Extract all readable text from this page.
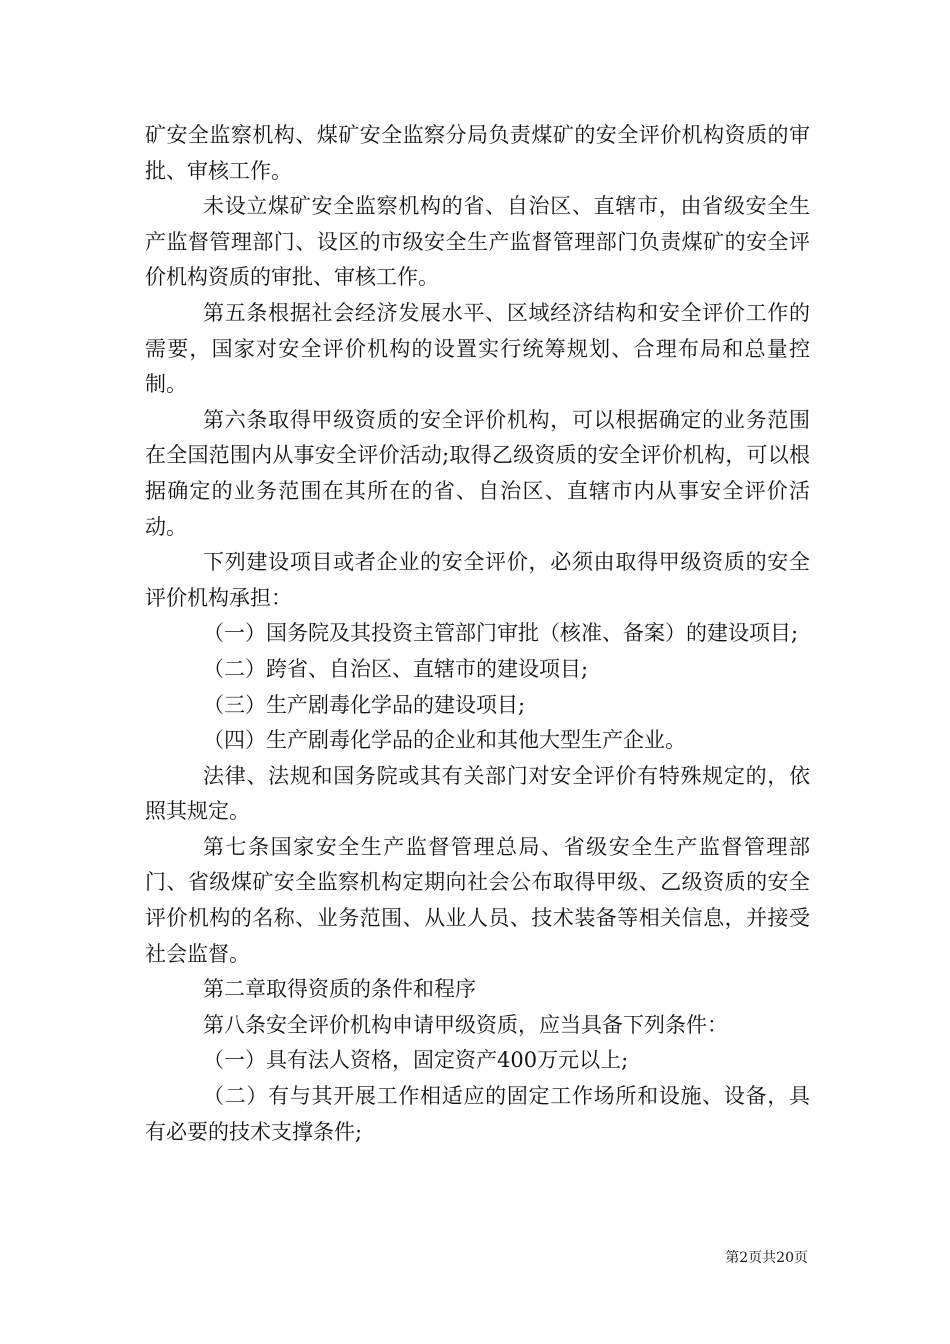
矿安全监察机构、煤矿安全监察分局负责煤矿的安全评价机构资质的审批、审核工作。

未设立煤矿安全监察机构的省、自治区、直辖市，由省级安全生产监督管理部门、设区的市级安全生产监督管理部门负责煤矿的安全评价机构资质的审批、审核工作。

第五条根据社会经济发展水平、区域经济结构和安全评价工作的需要，国家对安全评价机构的设置实行统筹规划、合理布局和总量控制。

第六条取得甲级资质的安全评价机构，可以根据确定的业务范围在全国范围内从事安全评价活动;取得乙级资质的安全评价机构，可以根据确定的业务范围在其所在的省、自治区、直辖市内从事安全评价活动。

下列建设项目或者企业的安全评价，必须由取得甲级资质的安全评价机构承担：

（一）国务院及其投资主管部门审批（核准、备案）的建设项目;

（二）跨省、自治区、直辖市的建设项目;

（三）生产剧毒化学品的建设项目;

（四）生产剧毒化学品的企业和其他大型生产企业。

法律、法规和国务院或其有关部门对安全评价有特殊规定的，依照其规定。

第七条国家安全生产监督管理总局、省级安全生产监督管理部门、省级煤矿安全监察机构定期向社会公布取得甲级、乙级资质的安全评价机构的名称、业务范围、从业人员、技术装备等相关信息，并接受社会监督。

第二章取得资质的条件和程序

第八条安全评价机构申请甲级资质，应当具备下列条件：

（一）具有法人资格，固定资产400万元以上;

（二）有与其开展工作相适应的固定工作场所和设施、设备，具有必要的技术支撑条件;

第2页共20页
